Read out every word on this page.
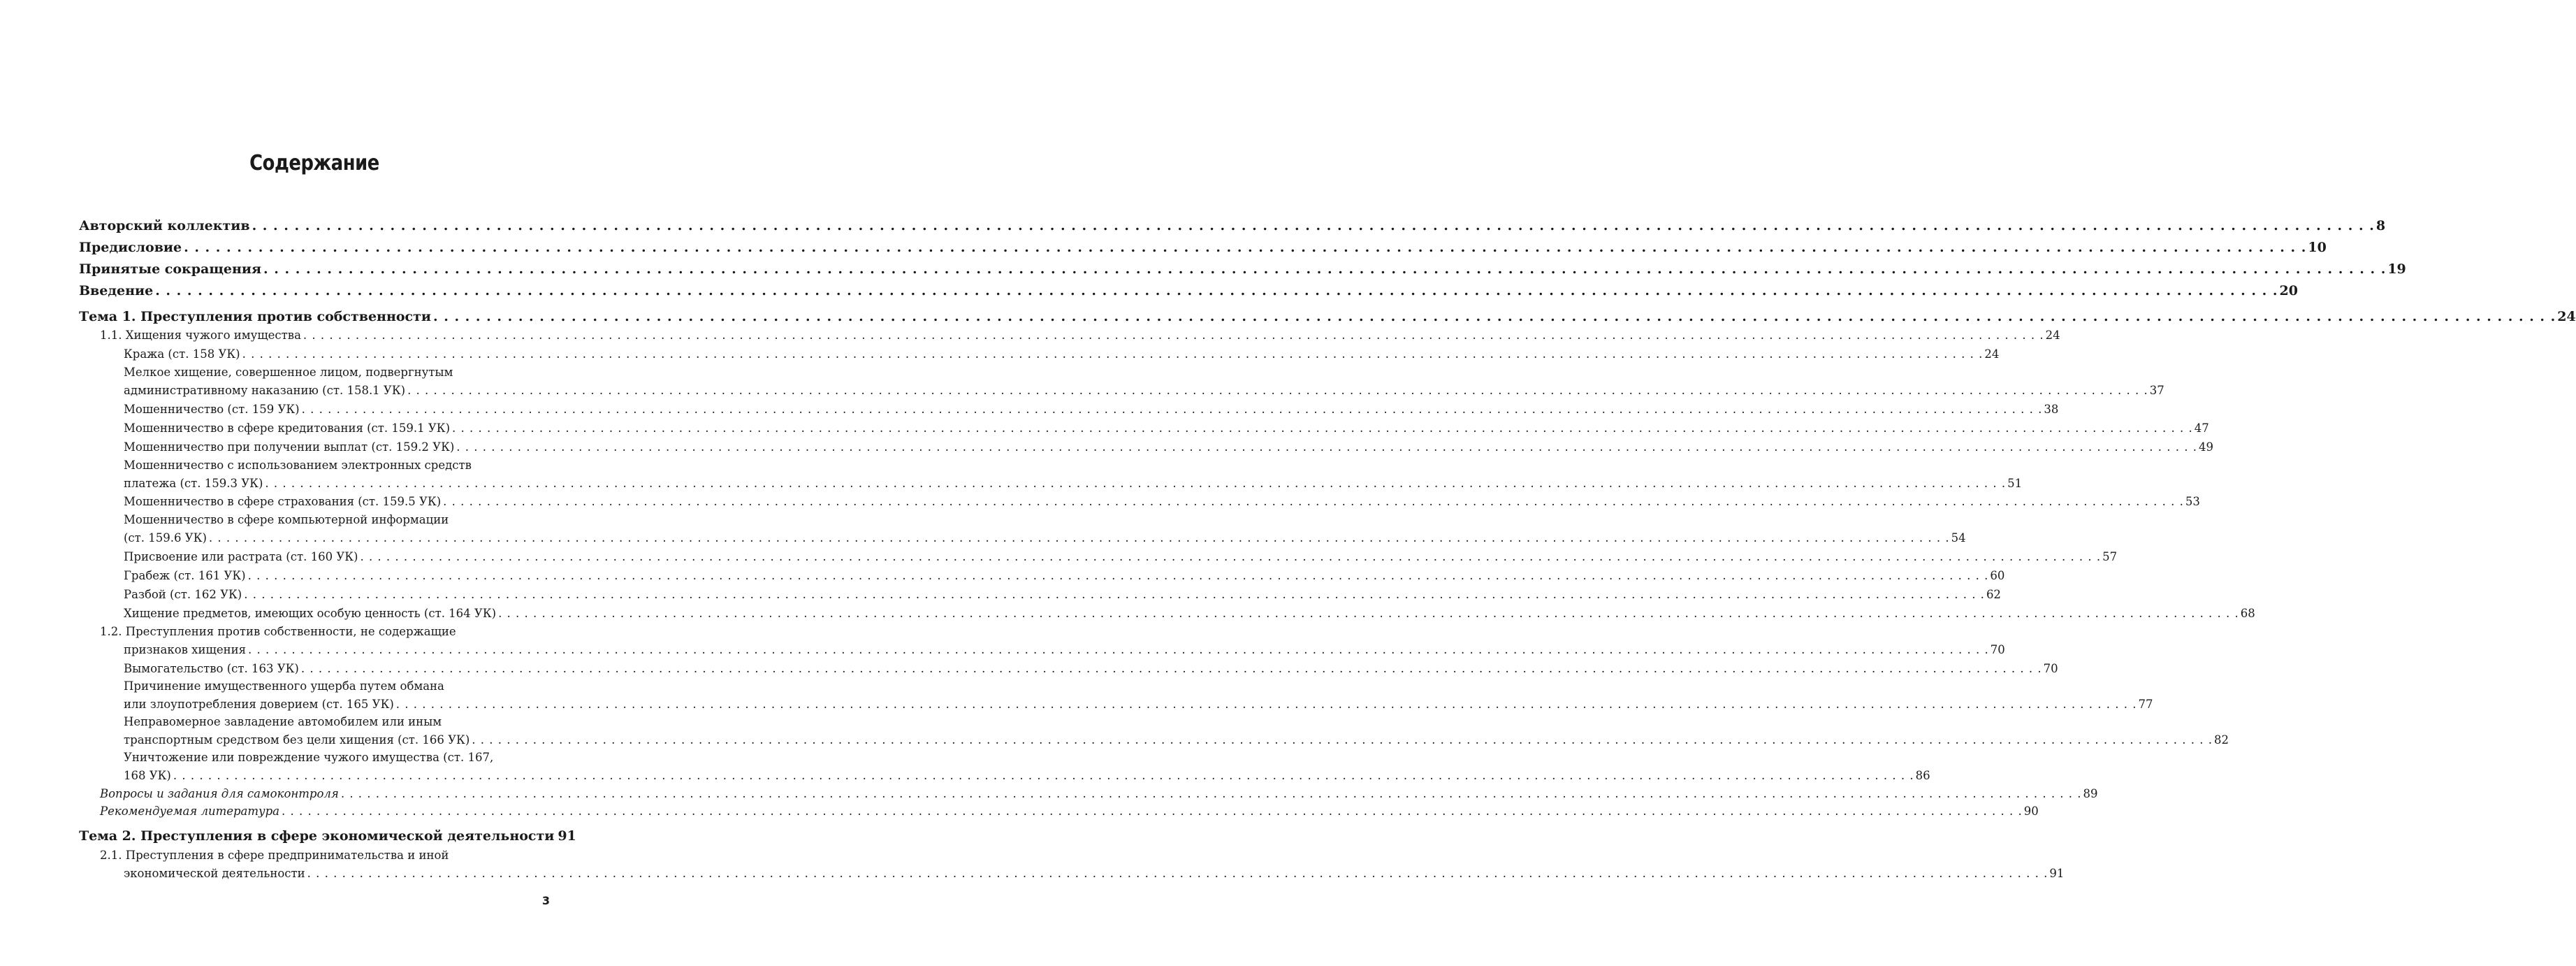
Содержание
Авторский коллектив . . . . . . . . . . . . . . . . . . . . . . . . . . . . . . . . . . . . . . . . . . . . . . . . . . . . . . . . . . . . . . . . . . . . . . . . . . . . . . . . . . . . . . . . . . . . . . . . . . . . . . . . . . . . . . . . . . . . . . . . . . . . . . . . . . . . . . . . . . . . . . . . . . . . . . . . . . . . . . . . . . . . . . . . . . . . . . . . . . . . . . . . . . . . . . . . . . . . . . . . 8
Предисловие . . . . . . . . . . . . . . . . . . . . . . . . . . . . . . . . . . . . . . . . . . . . . . . . . . . . . . . . . . . . . . . . . . . . . . . . . . . . . . . . . . . . . . . . . . . . . . . . . . . . . . . . . . . . . . . . . . . . . . . . . . . . . . . . . . . . . . . . . . . . . . . . . . . . . . . . . . . . . . . . . . . . . . . . . . . . . . . . . . . . . . . . . . . . . . . . . . . . . . . . 10
Принятые сокращения . . . . . . . . . . . . . . . . . . . . . . . . . . . . . . . . . . . . . . . . . . . . . . . . . . . . . . . . . . . . . . . . . . . . . . . . . . . . . . . . . . . . . . . . . . . . . . . . . . . . . . . . . . . . . . . . . . . . . . . . . . . . . . . . . . . . . . . . . . . . . . . . . . . . . . . . . . . . . . . . . . . . . . . . . . . . . . . . . . . . . . . . . . . . . . . . . . . . . . . . 19
Введение . . . . . . . . . . . . . . . . . . . . . . . . . . . . . . . . . . . . . . . . . . . . . . . . . . . . . . . . . . . . . . . . . . . . . . . . . . . . . . . . . . . . . . . . . . . . . . . . . . . . . . . . . . . . . . . . . . . . . . . . . . . . . . . . . . . . . . . . . . . . . . . . . . . . . . . . . . . . . . . . . . . . . . . . . . . . . . . . . . . . . . . . . . . . . . . . . . . . . . . . 20
Тема 1. Преступления против собственности . . . . . . . . . . . . . . . . . . . . . . . . . . . . . . . . . . . . . . . . . . . . . . . . . . . . . . . . . . . . . . . . . . . . . . . . . . . . . . . . . . . . . . . . . . . . . . . . . . . . . . . . . . . . . . . . . . . . . . . . . . . . . . . . . . . . . . . . . . . . . . . . . . . . . . . . . . . . . . . . . . . . . . . . . . . . . . . . . . . . . . . . . . . . . . . . . . . . . . . . 24
1.1. Хищения чужого имущества . . . . . . . . . . . . . . . . . . . . . . . . . . . . . . . . . . . . . . . . . . . . . . . . . . . . . . . . . . . . . . . . . . . . . . . . . . . . . . . . . . . . . . . . . . . . . . . . . . . . . . . . . . . . . . . . . . . . . . . . . . . . . . . . . . . . . . . . . . . . . . . . . . . . . . . . . . . . . . . . . . . . . . . . . . . . . . . . . . . . . . . . . . . . . . . . . . . . . . . . 24
Кража (ст. 158 УК) . . . . . . . . . . . . . . . . . . . . . . . . . . . . . . . . . . . . . . . . . . . . . . . . . . . . . . . . . . . . . . . . . . . . . . . . . . . . . . . . . . . . . . . . . . . . . . . . . . . . . . . . . . . . . . . . . . . . . . . . . . . . . . . . . . . . . . . . . . . . . . . . . . . . . . . . . . . . . . . . . . . . . . . . . . . . . . . . . . . . . . . . . . . . . . . . . . . . . . . . 24
Мелкое хищение, совершенное лицом, подвергнутым
административному наказанию (ст. 158.1 УК) . . . . . . . . . . . . . . . . . . . . . . . . . . . . . . . . . . . . . . . . . . . . . . . . . . . . . . . . . . . . . . . . . . . . . . . . . . . . . . . . . . . . . . . . . . . . . . . . . . . . . . . . . . . . . . . . . . . . . . . . . . . . . . . . . . . . . . . . . . . . . . . . . . . . . . . . . . . . . . . . . . . . . . . . . . . . . . . . . . . . . . . . . . . . . . . . . . . . . . . . 37
Мошенничество (ст. 159 УК) . . . . . . . . . . . . . . . . . . . . . . . . . . . . . . . . . . . . . . . . . . . . . . . . . . . . . . . . . . . . . . . . . . . . . . . . . . . . . . . . . . . . . . . . . . . . . . . . . . . . . . . . . . . . . . . . . . . . . . . . . . . . . . . . . . . . . . . . . . . . . . . . . . . . . . . . . . . . . . . . . . . . . . . . . . . . . . . . . . . . . . . . . . . . . . . . . . . . . . . . 38
Мошенничество в сфере кредитования (ст. 159.1 УК) . . . . . . . . . . . . . . . . . . . . . . . . . . . . . . . . . . . . . . . . . . . . . . . . . . . . . . . . . . . . . . . . . . . . . . . . . . . . . . . . . . . . . . . . . . . . . . . . . . . . . . . . . . . . . . . . . . . . . . . . . . . . . . . . . . . . . . . . . . . . . . . . . . . . . . . . . . . . . . . . . . . . . . . . . . . . . . . . . . . . . . . . . . . . . . . . . . . . . . . . 47
Мошенничество при получении выплат (ст. 159.2 УК) . . . . . . . . . . . . . . . . . . . . . . . . . . . . . . . . . . . . . . . . . . . . . . . . . . . . . . . . . . . . . . . . . . . . . . . . . . . . . . . . . . . . . . . . . . . . . . . . . . . . . . . . . . . . . . . . . . . . . . . . . . . . . . . . . . . . . . . . . . . . . . . . . . . . . . . . . . . . . . . . . . . . . . . . . . . . . . . . . . . . . . . . . . . . . . . . . . . . . . . . 49
Мошенничество с использованием электронных средств
платежа (ст. 159.3 УК) . . . . . . . . . . . . . . . . . . . . . . . . . . . . . . . . . . . . . . . . . . . . . . . . . . . . . . . . . . . . . . . . . . . . . . . . . . . . . . . . . . . . . . . . . . . . . . . . . . . . . . . . . . . . . . . . . . . . . . . . . . . . . . . . . . . . . . . . . . . . . . . . . . . . . . . . . . . . . . . . . . . . . . . . . . . . . . . . . . . . . . . . . . . . . . . . . . . . . . . . 51
Мошенничество в сфере страхования (ст. 159.5 УК) . . . . . . . . . . . . . . . . . . . . . . . . . . . . . . . . . . . . . . . . . . . . . . . . . . . . . . . . . . . . . . . . . . . . . . . . . . . . . . . . . . . . . . . . . . . . . . . . . . . . . . . . . . . . . . . . . . . . . . . . . . . . . . . . . . . . . . . . . . . . . . . . . . . . . . . . . . . . . . . . . . . . . . . . . . . . . . . . . . . . . . . . . . . . . . . . . . . . . . . . 53
Мошенничество в сфере компьютерной информации
(ст. 159.6 УК) . . . . . . . . . . . . . . . . . . . . . . . . . . . . . . . . . . . . . . . . . . . . . . . . . . . . . . . . . . . . . . . . . . . . . . . . . . . . . . . . . . . . . . . . . . . . . . . . . . . . . . . . . . . . . . . . . . . . . . . . . . . . . . . . . . . . . . . . . . . . . . . . . . . . . . . . . . . . . . . . . . . . . . . . . . . . . . . . . . . . . . . . . . . . . . . . . . . . . . . . 54
Присвоение или растрата (ст. 160 УК) . . . . . . . . . . . . . . . . . . . . . . . . . . . . . . . . . . . . . . . . . . . . . . . . . . . . . . . . . . . . . . . . . . . . . . . . . . . . . . . . . . . . . . . . . . . . . . . . . . . . . . . . . . . . . . . . . . . . . . . . . . . . . . . . . . . . . . . . . . . . . . . . . . . . . . . . . . . . . . . . . . . . . . . . . . . . . . . . . . . . . . . . . . . . . . . . . . . . . . . . 57
Грабеж (ст. 161 УК) . . . . . . . . . . . . . . . . . . . . . . . . . . . . . . . . . . . . . . . . . . . . . . . . . . . . . . . . . . . . . . . . . . . . . . . . . . . . . . . . . . . . . . . . . . . . . . . . . . . . . . . . . . . . . . . . . . . . . . . . . . . . . . . . . . . . . . . . . . . . . . . . . . . . . . . . . . . . . . . . . . . . . . . . . . . . . . . . . . . . . . . . . . . . . . . . . . . . . . . . 60
Разбой (ст. 162 УК) . . . . . . . . . . . . . . . . . . . . . . . . . . . . . . . . . . . . . . . . . . . . . . . . . . . . . . . . . . . . . . . . . . . . . . . . . . . . . . . . . . . . . . . . . . . . . . . . . . . . . . . . . . . . . . . . . . . . . . . . . . . . . . . . . . . . . . . . . . . . . . . . . . . . . . . . . . . . . . . . . . . . . . . . . . . . . . . . . . . . . . . . . . . . . . . . . . . . . . . . 62
Хищение предметов, имеющих особую ценность (ст. 164 УК) . . . . . . . . . . . . . . . . . . . . . . . . . . . . . . . . . . . . . . . . . . . . . . . . . . . . . . . . . . . . . . . . . . . . . . . . . . . . . . . . . . . . . . . . . . . . . . . . . . . . . . . . . . . . . . . . . . . . . . . . . . . . . . . . . . . . . . . . . . . . . . . . . . . . . . . . . . . . . . . . . . . . . . . . . . . . . . . . . . . . . . . . . . . . . . . . . . . . . . . . 68
1.2. Преступления против собственности, не содержащие
признаков хищения . . . . . . . . . . . . . . . . . . . . . . . . . . . . . . . . . . . . . . . . . . . . . . . . . . . . . . . . . . . . . . . . . . . . . . . . . . . . . . . . . . . . . . . . . . . . . . . . . . . . . . . . . . . . . . . . . . . . . . . . . . . . . . . . . . . . . . . . . . . . . . . . . . . . . . . . . . . . . . . . . . . . . . . . . . . . . . . . . . . . . . . . . . . . . . . . . . . . . . . . 70
Вымогательство (ст. 163 УК) . . . . . . . . . . . . . . . . . . . . . . . . . . . . . . . . . . . . . . . . . . . . . . . . . . . . . . . . . . . . . . . . . . . . . . . . . . . . . . . . . . . . . . . . . . . . . . . . . . . . . . . . . . . . . . . . . . . . . . . . . . . . . . . . . . . . . . . . . . . . . . . . . . . . . . . . . . . . . . . . . . . . . . . . . . . . . . . . . . . . . . . . . . . . . . . . . . . . . . . . 70
Причинение имущественного ущерба путем обмана
или злоупотребления доверием (ст. 165 УК) . . . . . . . . . . . . . . . . . . . . . . . . . . . . . . . . . . . . . . . . . . . . . . . . . . . . . . . . . . . . . . . . . . . . . . . . . . . . . . . . . . . . . . . . . . . . . . . . . . . . . . . . . . . . . . . . . . . . . . . . . . . . . . . . . . . . . . . . . . . . . . . . . . . . . . . . . . . . . . . . . . . . . . . . . . . . . . . . . . . . . . . . . . . . . . . . . . . . . . . . 77
Неправомерное завладение автомобилем или иным
транспортным средством без цели хищения (ст. 166 УК) . . . . . . . . . . . . . . . . . . . . . . . . . . . . . . . . . . . . . . . . . . . . . . . . . . . . . . . . . . . . . . . . . . . . . . . . . . . . . . . . . . . . . . . . . . . . . . . . . . . . . . . . . . . . . . . . . . . . . . . . . . . . . . . . . . . . . . . . . . . . . . . . . . . . . . . . . . . . . . . . . . . . . . . . . . . . . . . . . . . . . . . . . . . . . . . . . . . . . . . . 82
Уничтожение или повреждение чужого имущества (ст. 167,
168 УК) . . . . . . . . . . . . . . . . . . . . . . . . . . . . . . . . . . . . . . . . . . . . . . . . . . . . . . . . . . . . . . . . . . . . . . . . . . . . . . . . . . . . . . . . . . . . . . . . . . . . . . . . . . . . . . . . . . . . . . . . . . . . . . . . . . . . . . . . . . . . . . . . . . . . . . . . . . . . . . . . . . . . . . . . . . . . . . . . . . . . . . . . . . . . . . . . . . . . . . . . 86
Вопросы и задания для самоконтроля . . . . . . . . . . . . . . . . . . . . . . . . . . . . . . . . . . . . . . . . . . . . . . . . . . . . . . . . . . . . . . . . . . . . . . . . . . . . . . . . . . . . . . . . . . . . . . . . . . . . . . . . . . . . . . . . . . . . . . . . . . . . . . . . . . . . . . . . . . . . . . . . . . . . . . . . . . . . . . . . . . . . . . . . . . . . . . . . . . . . . . . . . . . . . . . . . . . . . . . . 89
Рекомендуемая литература . . . . . . . . . . . . . . . . . . . . . . . . . . . . . . . . . . . . . . . . . . . . . . . . . . . . . . . . . . . . . . . . . . . . . . . . . . . . . . . . . . . . . . . . . . . . . . . . . . . . . . . . . . . . . . . . . . . . . . . . . . . . . . . . . . . . . . . . . . . . . . . . . . . . . . . . . . . . . . . . . . . . . . . . . . . . . . . . . . . . . . . . . . . . . . . . . . . . . . . . 90
Тема 2. Преступления в сфере экономической деятельности 91
2.1. Преступления в сфере предпринимательства и иной
экономической деятельности . . . . . . . . . . . . . . . . . . . . . . . . . . . . . . . . . . . . . . . . . . . . . . . . . . . . . . . . . . . . . . . . . . . . . . . . . . . . . . . . . . . . . . . . . . . . . . . . . . . . . . . . . . . . . . . . . . . . . . . . . . . . . . . . . . . . . . . . . . . . . . . . . . . . . . . . . . . . . . . . . . . . . . . . . . . . . . . . . . . . . . . . . . . . . . . . . . . . . . . . 91
3
